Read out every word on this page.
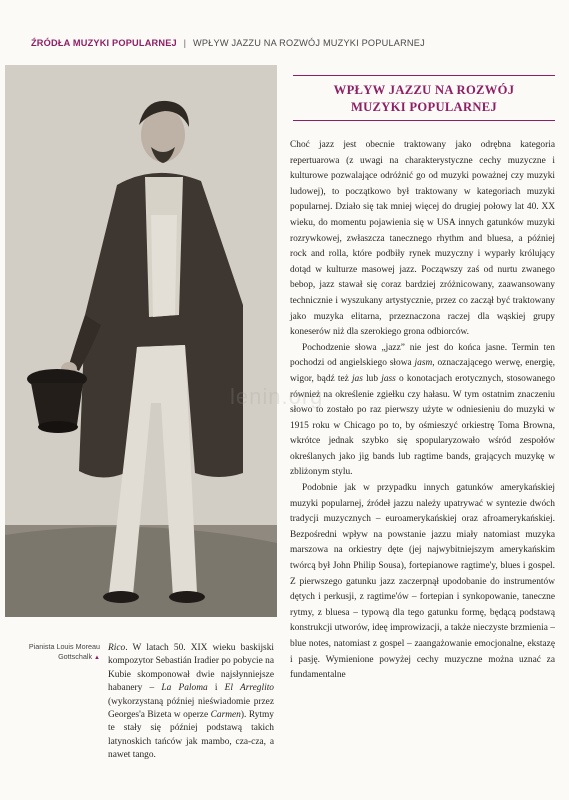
ŹRÓDŁA MUZYKI POPULARNEJ | WPŁYW JAZZU NA ROZWÓJ MUZYKI POPULARNEJ
Pianista Louis Moreau
Gottschalk ▲

Rico. W latach 50. XIX wieku baskijski kompozytor Sebastián Iradier po pobycie na Kubie skomponował dwie najsłynniejsze habanery – La Paloma i El Arreglito (wykorzystaną później nieświadomie przez Georges'a Bizeta w operze Carmen). Rytmy te stały się później podstawą takich latynoskich tańców jak mambo, cza-cza, a nawet tango.

WPŁYW JAZZU NA ROZWÓJ
MUZYKI POPULARNEJ

Choć jazz jest obecnie traktowany jako odrębna kategoria repertuarowa (z uwagi na charakterystyczne cechy muzyczne i kulturowe pozwalające odróżnić go od muzyki poważnej czy muzyki ludowej), to początkowo był traktowany w kategoriach muzyki popularnej. Działo się tak mniej więcej do drugiej połowy lat 40. XX wieku, do momentu pojawienia się w USA innych gatunków muzyki rozrywkowej, zwłaszcza tanecznego rhythm and bluesa, a później rock and rolla, które podbiły rynek muzyczny i wyparły królujący dotąd w kulturze masowej jazz. Począwszy zaś od nurtu zwanego bebop, jazz stawał się coraz bardziej zróżnicowany, zaawansowany technicznie i wyszukany artystycznie, przez co zaczął być traktowany jako muzyka elitarna, przeznaczona raczej dla wąskiej grupy koneserów niż dla szerokiego grona odbiorców.

Pochodzenie słowa „jazz” nie jest do końca jasne. Termin ten pochodzi od angielskiego słowa jasm, oznaczającego werwę, energię, wigor, bądź też jas lub jass o konotacjach erotycznych, stosowanego również na określenie zgiełku czy hałasu. W tym ostatnim znaczeniu słowo to zostało po raz pierwszy użyte w odniesieniu do muzyki w 1915 roku w Chicago po to, by ośmieszyć orkiestrę Toma Browna, wkrótce jednak szybko się spopularyzowało wśród zespołów określanych jako jig bands lub ragtime bands, grających muzykę w zbliżonym stylu.

Podobnie jak w przypadku innych gatunków amerykańskiej muzyki popularnej, źródeł jazzu należy upatrywać w syntezie dwóch tradycji muzycznych – euroamerykańskiej oraz afroamerykańskiej. Bezpośredni wpływ na powstanie jazzu miały natomiast muzyka marszowa na orkiestry dęte (jej najwybitniejszym amerykańskim twórcą był John Philip Sousa), fortepianowe ragtime'y, blues i gospel. Z pierwszego gatunku jazz zaczerpnął upodobanie do instrumentów dętych i perkusji, z ragtime'ów – fortepian i synkopowanie, taneczne rytmy, z bluesa – typową dla tego gatunku formę, będącą podstawą konstrukcji utworów, ideę improwizacji, a także nieczyste brzmienia – blue notes, natomiast z gospel – zaangażowanie emocjonalne, ekstazę i pasję. Wymienione powyżej cechy muzyczne można uznać za fundamentalne

lenin.org
